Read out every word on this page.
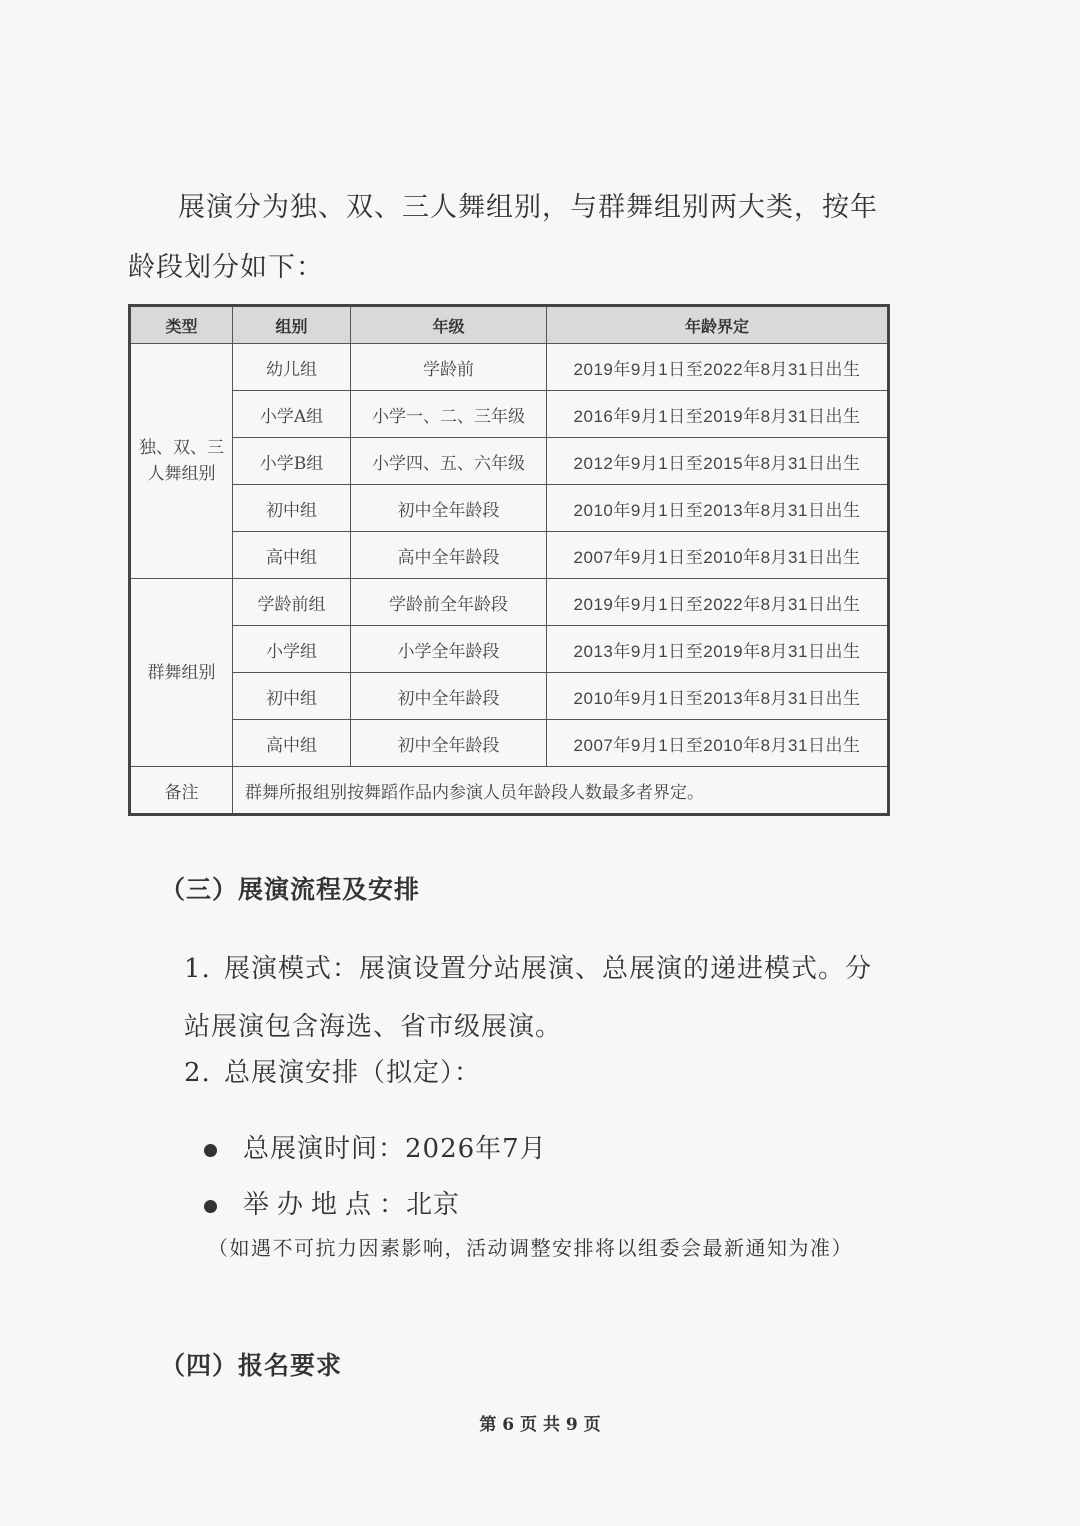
展演分为独、双、三人舞组别，与群舞组别两大类，按年龄段划分如下：

类型	组别	年级	年龄界定
独、双、三人舞组别	幼儿组	学龄前	2019年9月1日至2022年8月31日出生
	小学A组	小学一、二、三年级	2016年9月1日至2019年8月31日出生
	小学B组	小学四、五、六年级	2012年9月1日至2015年8月31日出生
	初中组	初中全年龄段	2010年9月1日至2013年8月31日出生
	高中组	高中全年龄段	2007年9月1日至2010年8月31日出生
群舞组别	学龄前组	学龄前全年龄段	2019年9月1日至2022年8月31日出生
	小学组	小学全年龄段	2013年9月1日至2019年8月31日出生
	初中组	初中全年龄段	2010年9月1日至2013年8月31日出生
	高中组	初中全年龄段	2007年9月1日至2010年8月31日出生
备注	群舞所报组别按舞蹈作品内参演人员年龄段人数最多者界定。		

（三）展演流程及安排

1. 展演模式：展演设置分站展演、总展演的递进模式。分站展演包含海选、省市级展演。
2. 总展演安排（拟定）：

总展演时间：2026年7月

举办地点：北京

（如遇不可抗力因素影响，活动调整安排将以组委会最新通知为准）

（四）报名要求

第 6 页 共 9 页
